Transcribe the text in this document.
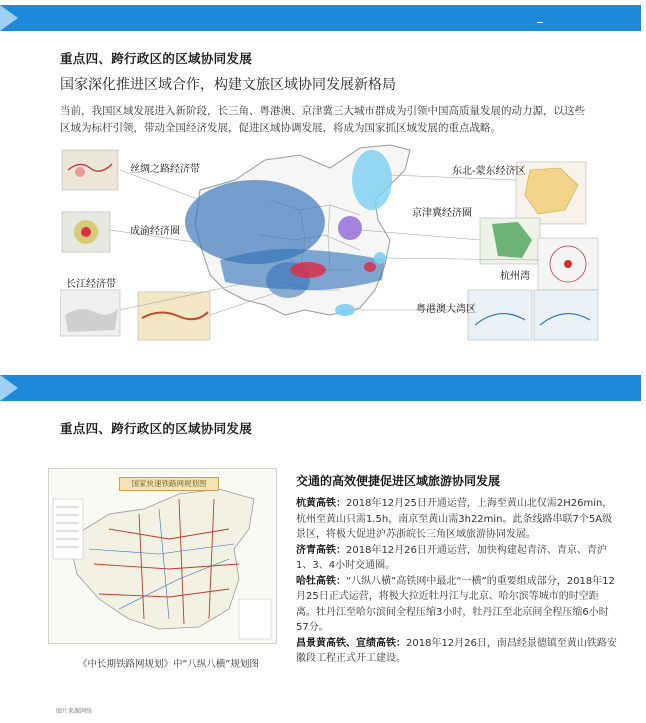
重点四、跨行政区的区域协同发展
国家深化推进区域合作，构建文旅区域协同发展新格局
当前，我国区域发展进入新阶段，长三角、粤港澳、京津冀三大城市群成为引领中国高质量发展的动力源，以这些
区域为标杆引领，带动全国经济发展，促进区域协调发展，将成为国家抓区域发展的重点战略。
丝绸之路经济带
成渝经济圈
长江经济带
东北-蒙东经济区
京津冀经济圈
杭州湾
粤港澳大湾区
重点四、跨行政区的区域协同发展
国家快速铁路网规划图
《中长期铁路网规划》中“八纵八横”规划图
图片来源网络
交通的高效便捷促进区域旅游协同发展

杭黄高铁：2018年12月25日开通运营，上海至黄山北仅需2H26min，杭州至黄山只需1.5h，南京至黄山需3h22min。此条线路串联7个5A级景区，将极大促进沪苏浙皖长三角区域旅游协同发展。

济青高铁：2018年12月26日开通运营，加快构建起青济、青京、青沪1、3、4小时交通圈。

哈牡高铁：“八纵八横”高铁网中最北“一横”的重要组成部分，2018年12月25日正式运营，将极大拉近牡丹江与北京、哈尔滨等城市的时空距离。牡丹江至哈尔滨间全程压缩3小时，牡丹江至北京间全程压缩6小时57分。

昌景黄高铁、宣绩高铁：2018年12月26日，南昌经景德镇至黄山铁路安徽段工程正式开工建设。
